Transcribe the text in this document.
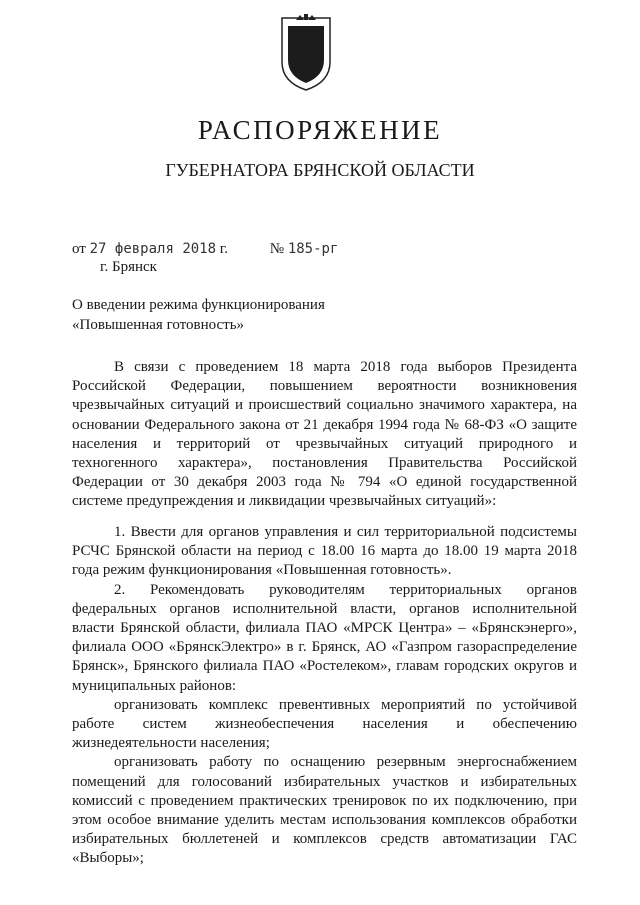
РАСПОРЯЖЕНИЕ
ГУБЕРНАТОРА БРЯНСКОЙ ОБЛАСТИ
от 27 февраля 2018 г.	№ 185-рг
г. Брянск
О введении режима функционирования
«Повышенная готовность»

В связи с проведением 18 марта 2018 года выборов Президента Российской Федерации, повышением вероятности возникновения чрезвычайных ситуаций и происшествий социально значимого характера, на основании Федерального закона от 21 декабря 1994 года № 68-ФЗ «О защите населения и территорий от чрезвычайных ситуаций природного и техногенного характера», постановления Правительства Российской Федерации от 30 декабря 2003 года № 794 «О единой государственной системе предупреждения и ликвидации чрезвычайных ситуаций»:

1. Ввести для органов управления и сил территориальной подсистемы РСЧС Брянской области на период с 18.00 16 марта до 18.00 19 марта 2018 года режим функционирования «Повышенная готовность».

2. Рекомендовать руководителям территориальных органов федеральных органов исполнительной власти, органов исполнительной власти Брянской области, филиала ПАО «МРСК Центра» – «Брянскэнерго», филиала ООО «БрянскЭлектро» в г. Брянск, АО «Газпром газораспределение Брянск», Брянского филиала ПАО «Ростелеком», главам городских округов и муниципальных районов:

организовать комплекс превентивных мероприятий по устойчивой работе систем жизнеобеспечения населения и обеспечению жизнедеятельности населения;

организовать работу по оснащению резервным энергоснабжением помещений для голосований избирательных участков и избирательных комиссий с проведением практических тренировок по их подключению, при этом особое внимание уделить местам использования комплексов обработки избирательных бюллетеней и комплексов средств автоматизации ГАС «Выборы»;
